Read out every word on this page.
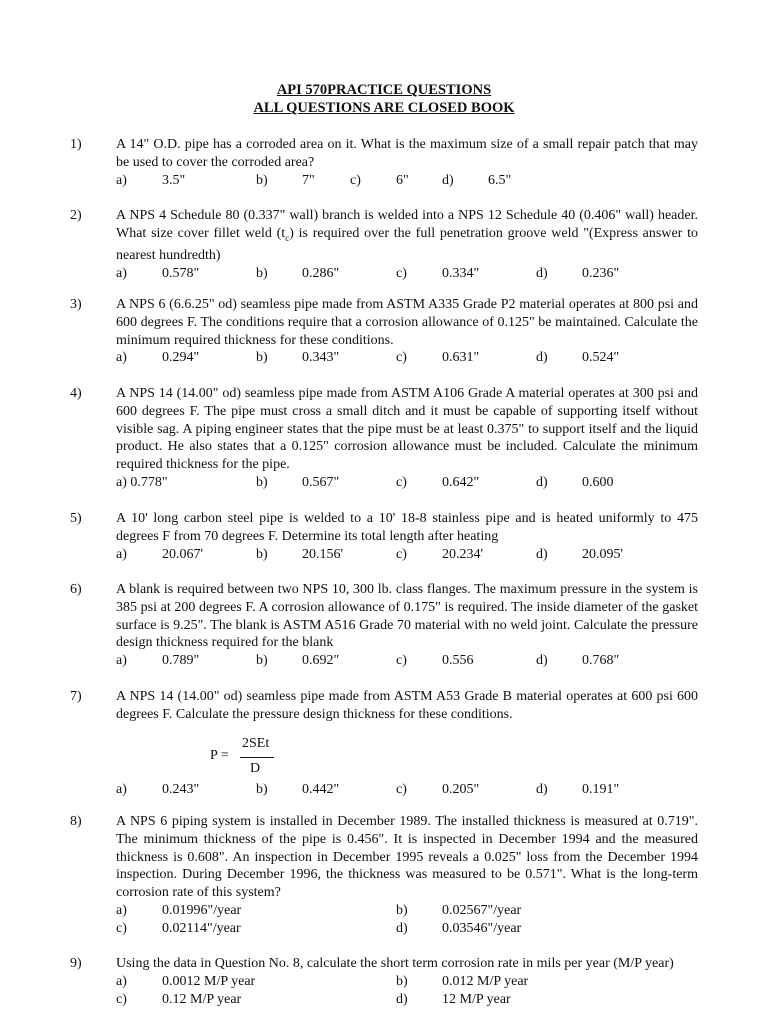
API 570PRACTICE QUESTIONS
ALL QUESTIONS ARE CLOSED BOOK
1) A 14" O.D. pipe has a corroded area on it. What is the maximum size of a small repair patch that may be used to cover the corroded area?
a)	3.5"	b) 7"	c)	6" d) 6.5"
2) A NPS 4 Schedule 80 (0.337" wall) branch is welded into a NPS 12 Schedule 40 (0.406" wall) header. What size cover fillet weld $(t_c)$ is required over the full penetration groove weld "(Express answer to nearest hundredth)
a)	0.578"	b) 0.286"	c)	0.334"	d) 0.236"
3) A NPS 6 (6.6.25" od) seamless pipe made from ASTM A335 Grade P2 material operates at 800 psi and 600 degrees F. The conditions require that a corrosion allowance of 0.125" be maintained. Calculate the minimum required thickness for these conditions.
a)	0.294"	b) 0.343"	c)	0.631"	d) 0.524"
4) A NPS 14 (14.00" od) seamless pipe made from ASTM A106 Grade A material operates at 300 psi and 600 degrees F. The pipe must cross a small ditch and it must be capable of supporting itself without visible sag. A piping engineer states that the pipe must be at least 0.375" to support itself and the liquid product. He also states that a 0.125" corrosion allowance must be included. Calculate the minimum required thickness for the pipe.
a) 0.778"	b) 0.567"	c)	0.642"	d) 0.600
5) A 10' long carbon steel pipe is welded to a 10' 18-8 stainless pipe and is heated uniformly to 475 degrees F from 70 degrees F. Determine its total length after heating
a)	20.067'	b) 20.156'	c)	20.234'	d) 20.095'
6) A blank is required between two NPS 10, 300 lb. class flanges. The maximum pressure in the system is 385 psi at 200 degrees F. A corrosion allowance of 0.175" is required. The inside diameter of the gasket surface is 9.25". The blank is ASTM A516 Grade 70 material with no weld joint. Calculate the pressure design thickness required for the blank
a)	0.789"	b) 0.692"	c)	0.556	d) 0.768"
7) A NPS 14 (14.00" od) seamless pipe made from ASTM A53 Grade B material operates at 600 psi 600 degrees F. Calculate the pressure design thickness for these conditions.
P =
2SEt
D
a)	0.243"	b) 0.442"	c)	0.205"	d) 0.191"
8) A NPS 6 piping system is installed in December 1989. The installed thickness is measured at 0.719". The minimum thickness of the pipe is 0.456". It is inspected in December 1994 and the measured thickness is 0.608". An inspection in December 1995 reveals a 0.025" loss from the December 1994 inspection. During December 1996, the thickness was measured to be 0.571". What is the long-term corrosion rate of this system?
a)	0.01996"/year	b) 0.02567"/year
c)	0.02114"/year	d) 0.03546"/year
9) Using the data in Question No. 8, calculate the short term corrosion rate in mils per year (M/P year)
a)	0.0012 M/P year	b) 0.012 M/P year
c)	0.12 M/P year	d) 12 M/P year
